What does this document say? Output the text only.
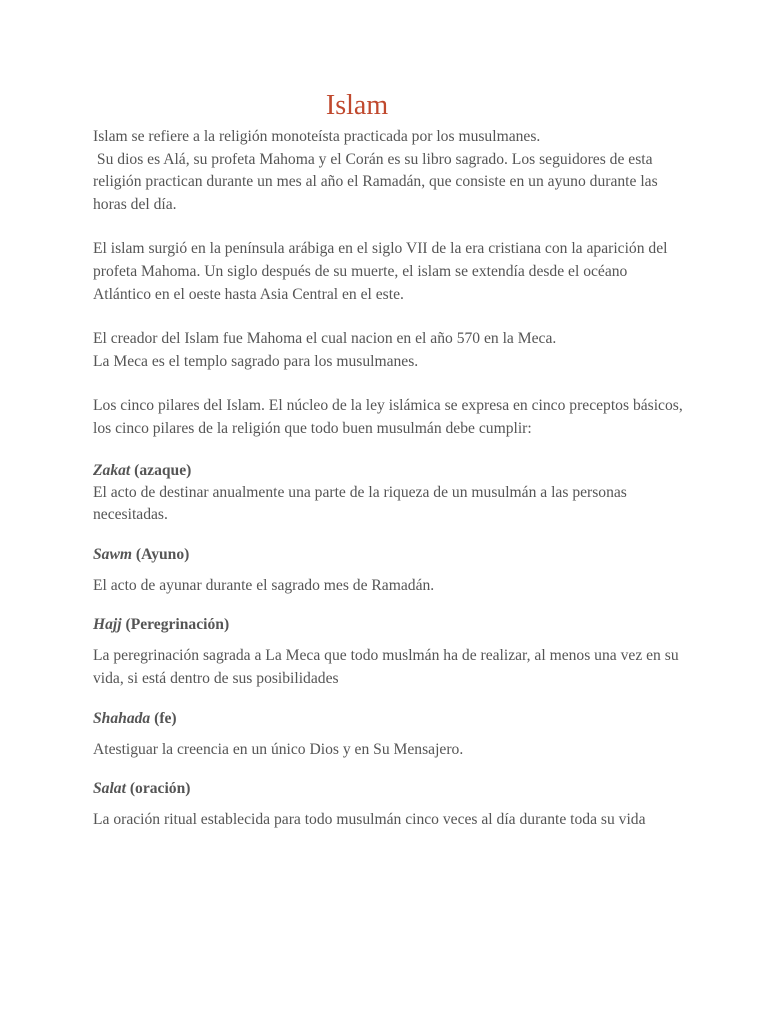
Islam

Islam se refiere a la religión monoteísta practicada por los musulmanes.

Su dios es Alá, su profeta Mahoma y el Corán es su libro sagrado. Los seguidores de esta religión practican durante un mes al año el Ramadán, que consiste en un ayuno durante las horas del día.

El islam surgió en la península arábiga en el siglo VII de la era cristiana con la aparición del profeta Mahoma. Un siglo después de su muerte, el islam se extendía desde el océano Atlántico en el oeste hasta Asia Central en el este.

El creador del Islam fue Mahoma el cual nacion en el año 570 en la Meca.

La Meca es el templo sagrado para los musulmanes.

Los cinco pilares del Islam. El núcleo de la ley islámica se expresa en cinco preceptos básicos, los cinco pilares de la religión que todo buen musulmán debe cumplir:

Zakat (azaque)

El acto de destinar anualmente una parte de la riqueza de un musulmán a las personas necesitadas.

Sawm (Ayuno)

El acto de ayunar durante el sagrado mes de Ramadán.

Hajj (Peregrinación)

La peregrinación sagrada a La Meca que todo muslmán ha de realizar, al menos una vez en su vida, si está dentro de sus posibilidades

Shahada (fe)

Atestiguar la creencia en un único Dios y en Su Mensajero.

Salat (oración)

La oración ritual establecida para todo musulmán cinco veces al día durante toda su vida
